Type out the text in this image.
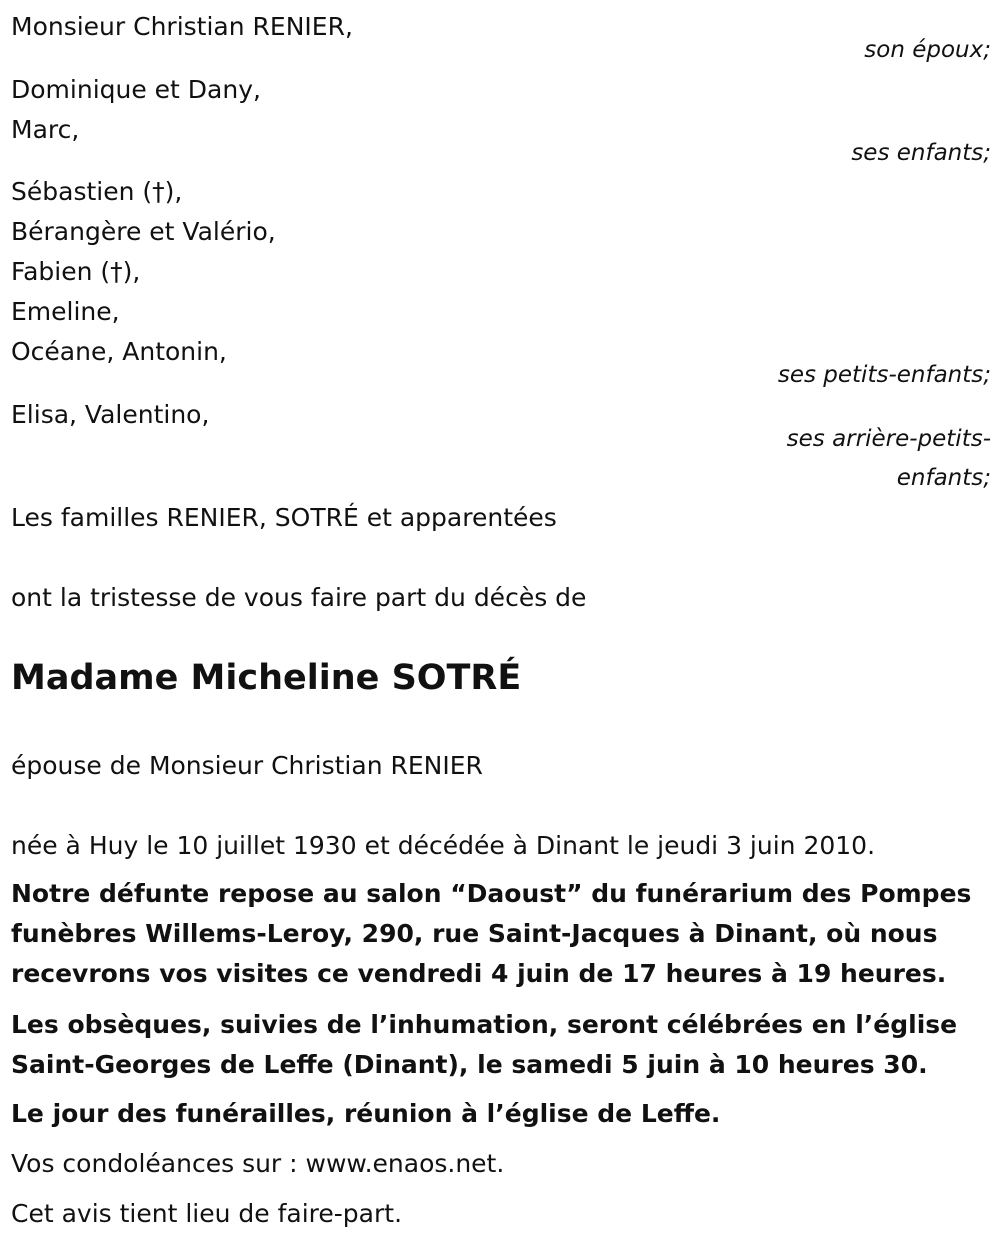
Monsieur Christian RENIER,
son époux;
Dominique et Dany,
Marc,
ses enfants;
Sébastien (†),
Bérangère et Valério,
Fabien (†),
Emeline,
Océane, Antonin,
ses petits-enfants;
Elisa, Valentino,
ses arrière-petits-
enfants;
Les familles RENIER, SOTRÉ et apparentées
ont la tristesse de vous faire part du décès de
Madame Micheline SOTRÉ
épouse de Monsieur Christian RENIER
née à Huy le 10 juillet 1930 et décédée à Dinant le jeudi 3 juin 2010.
Notre défunte repose au salon “Daoust” du funérarium des Pompes funèbres Willems-Leroy, 290, rue Saint-Jacques à Dinant, où nous recevrons vos visites ce vendredi 4 juin de 17 heures à 19 heures.
Les obsèques, suivies de l’inhumation, seront célébrées en l’église Saint-Georges de Leffe (Dinant), le samedi 5 juin à 10 heures 30.
Le jour des funérailles, réunion à l’église de Leffe.
Vos condoléances sur : www.enaos.net.
Cet avis tient lieu de faire-part.
